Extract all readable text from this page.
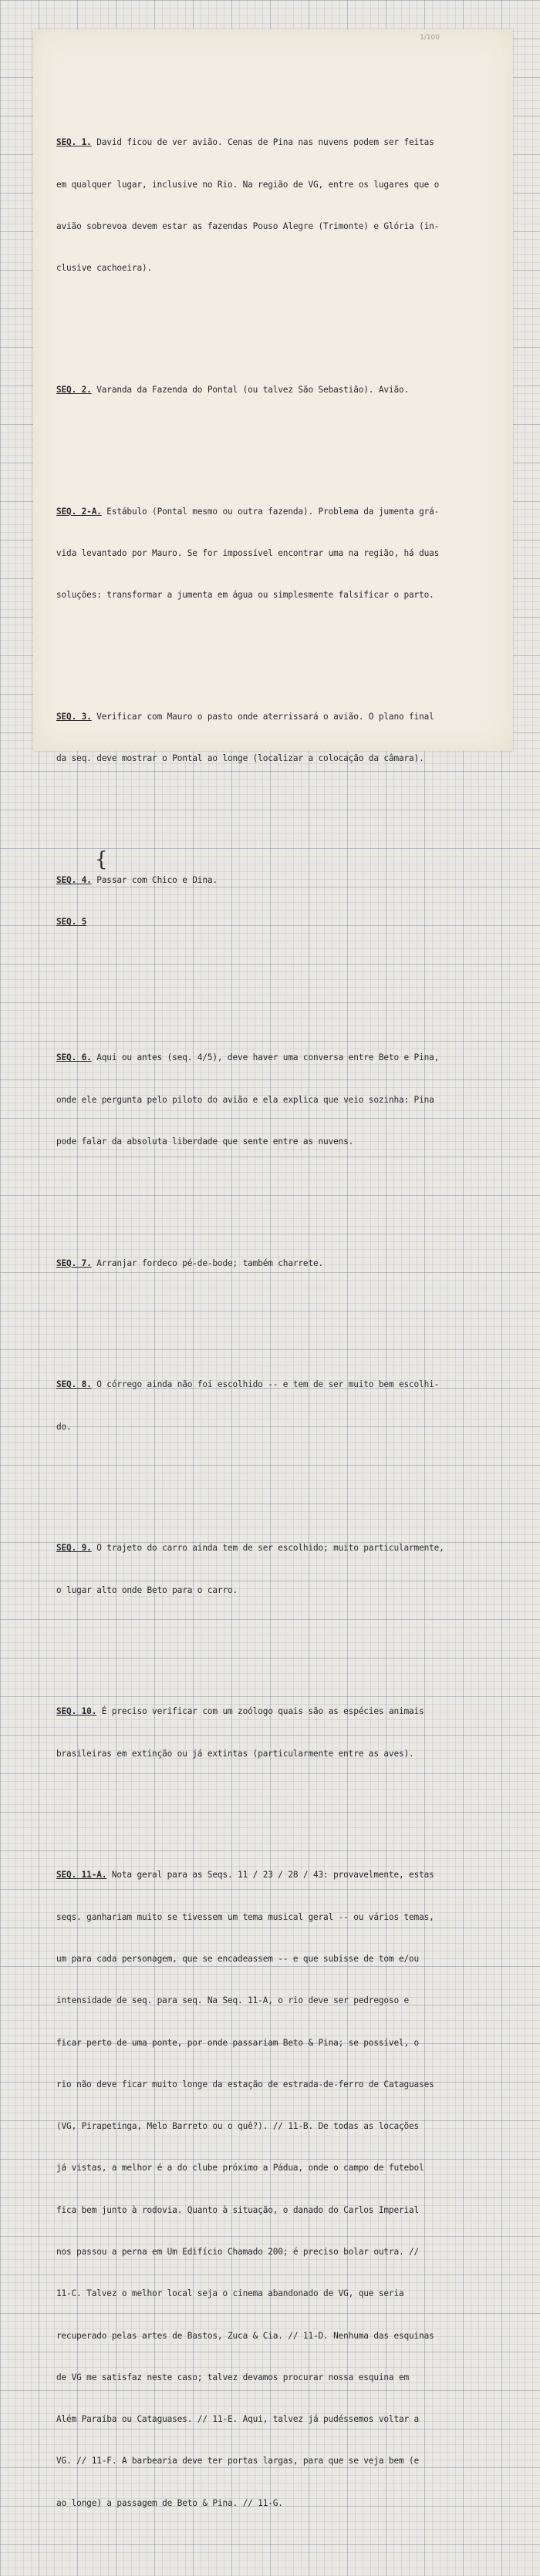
1/100

SEQ. 1. David ficou de ver avião. Cenas de Pina nas nuvens podem ser feitas

em qualquer lugar, inclusive no Rio. Na região de VG, entre os lugares que o

avião sobrevoa devem estar as fazendas Pouso Alegre (Trimonte) e Glória (in-

clusive cachoeira).

SEQ. 2. Varanda da Fazenda do Pontal (ou talvez São Sebastião). Avião.

SEQ. 2-A. Estábulo (Pontal mesmo ou outra fazenda). Problema da jumenta grá-

vida levantado por Mauro. Se for impossível encontrar uma na região, há duas

soluções: transformar a jumenta em água ou simplesmente falsificar o parto.

SEQ. 3. Verificar com Mauro o pasto onde aterrissará o avião. O plano final

da seq. deve mostrar o Pontal ao longe (localizar a colocação da câmara).

SEQ. 4. Passar com Chico e Dina.

SEQ. 5

{

SEQ. 6. Aqui ou antes (seq. 4/5), deve haver uma conversa entre Beto e Pina,

onde ele pergunta pelo piloto do avião e ela explica que veio sozinha: Pina

pode falar da absoluta liberdade que sente entre as nuvens.

SEQ. 7. Arranjar fordeco pé-de-bode; também charrete.

SEQ. 8. O córrego ainda não foi escolhido -- e tem de ser muito bem escolhi-

do.

SEQ. 9. O trajeto do carro ainda tem de ser escolhido; muito particularmente,

o lugar alto onde Beto para o carro.

SEQ. 10. É preciso verificar com um zoólogo quais são as espécies animais

brasileiras em extinção ou já extintas (particularmente entre as aves).

SEQ. 11-A. Nota geral para as Seqs. 11 / 23 / 28 / 43: provavelmente, estas

seqs. ganhariam muito se tivessem um tema musical geral -- ou vários temas,

um para cada personagem, que se encadeassem -- e que subisse de tom e/ou

intensidade de seq. para seq. Na Seq. 11-A, o rio deve ser pedregoso e

ficar perto de uma ponte, por onde passariam Beto & Pina; se possível, o

rio não deve ficar muito longe da estação de estrada-de-ferro de Cataguases

(VG, Pirapetinga, Melo Barreto ou o quê?). // 11-B. De todas as locações

já vistas, a melhor é a do clube próximo a Pádua, onde o campo de futebol

fica bem junto à rodovia. Quanto à situação, o danado do Carlos Imperial

nos passou a perna em Um Edifício Chamado 200; é preciso bolar outra. //

11-C. Talvez o melhor local seja o cinema abandonado de VG, que seria

recuperado pelas artes de Bastos, Zuca & Cia. // 11-D. Nenhuma das esquinas

de VG me satisfaz neste caso; talvez devamos procurar nossa esquina em

Além Paraíba ou Cataguases. // 11-E. Aqui, talvez já pudéssemos voltar a

VG. // 11-F. A barbearia deve ter portas largas, para que se veja bem (e

ao longe) a passagem de Beto & Pina. // 11-G.
